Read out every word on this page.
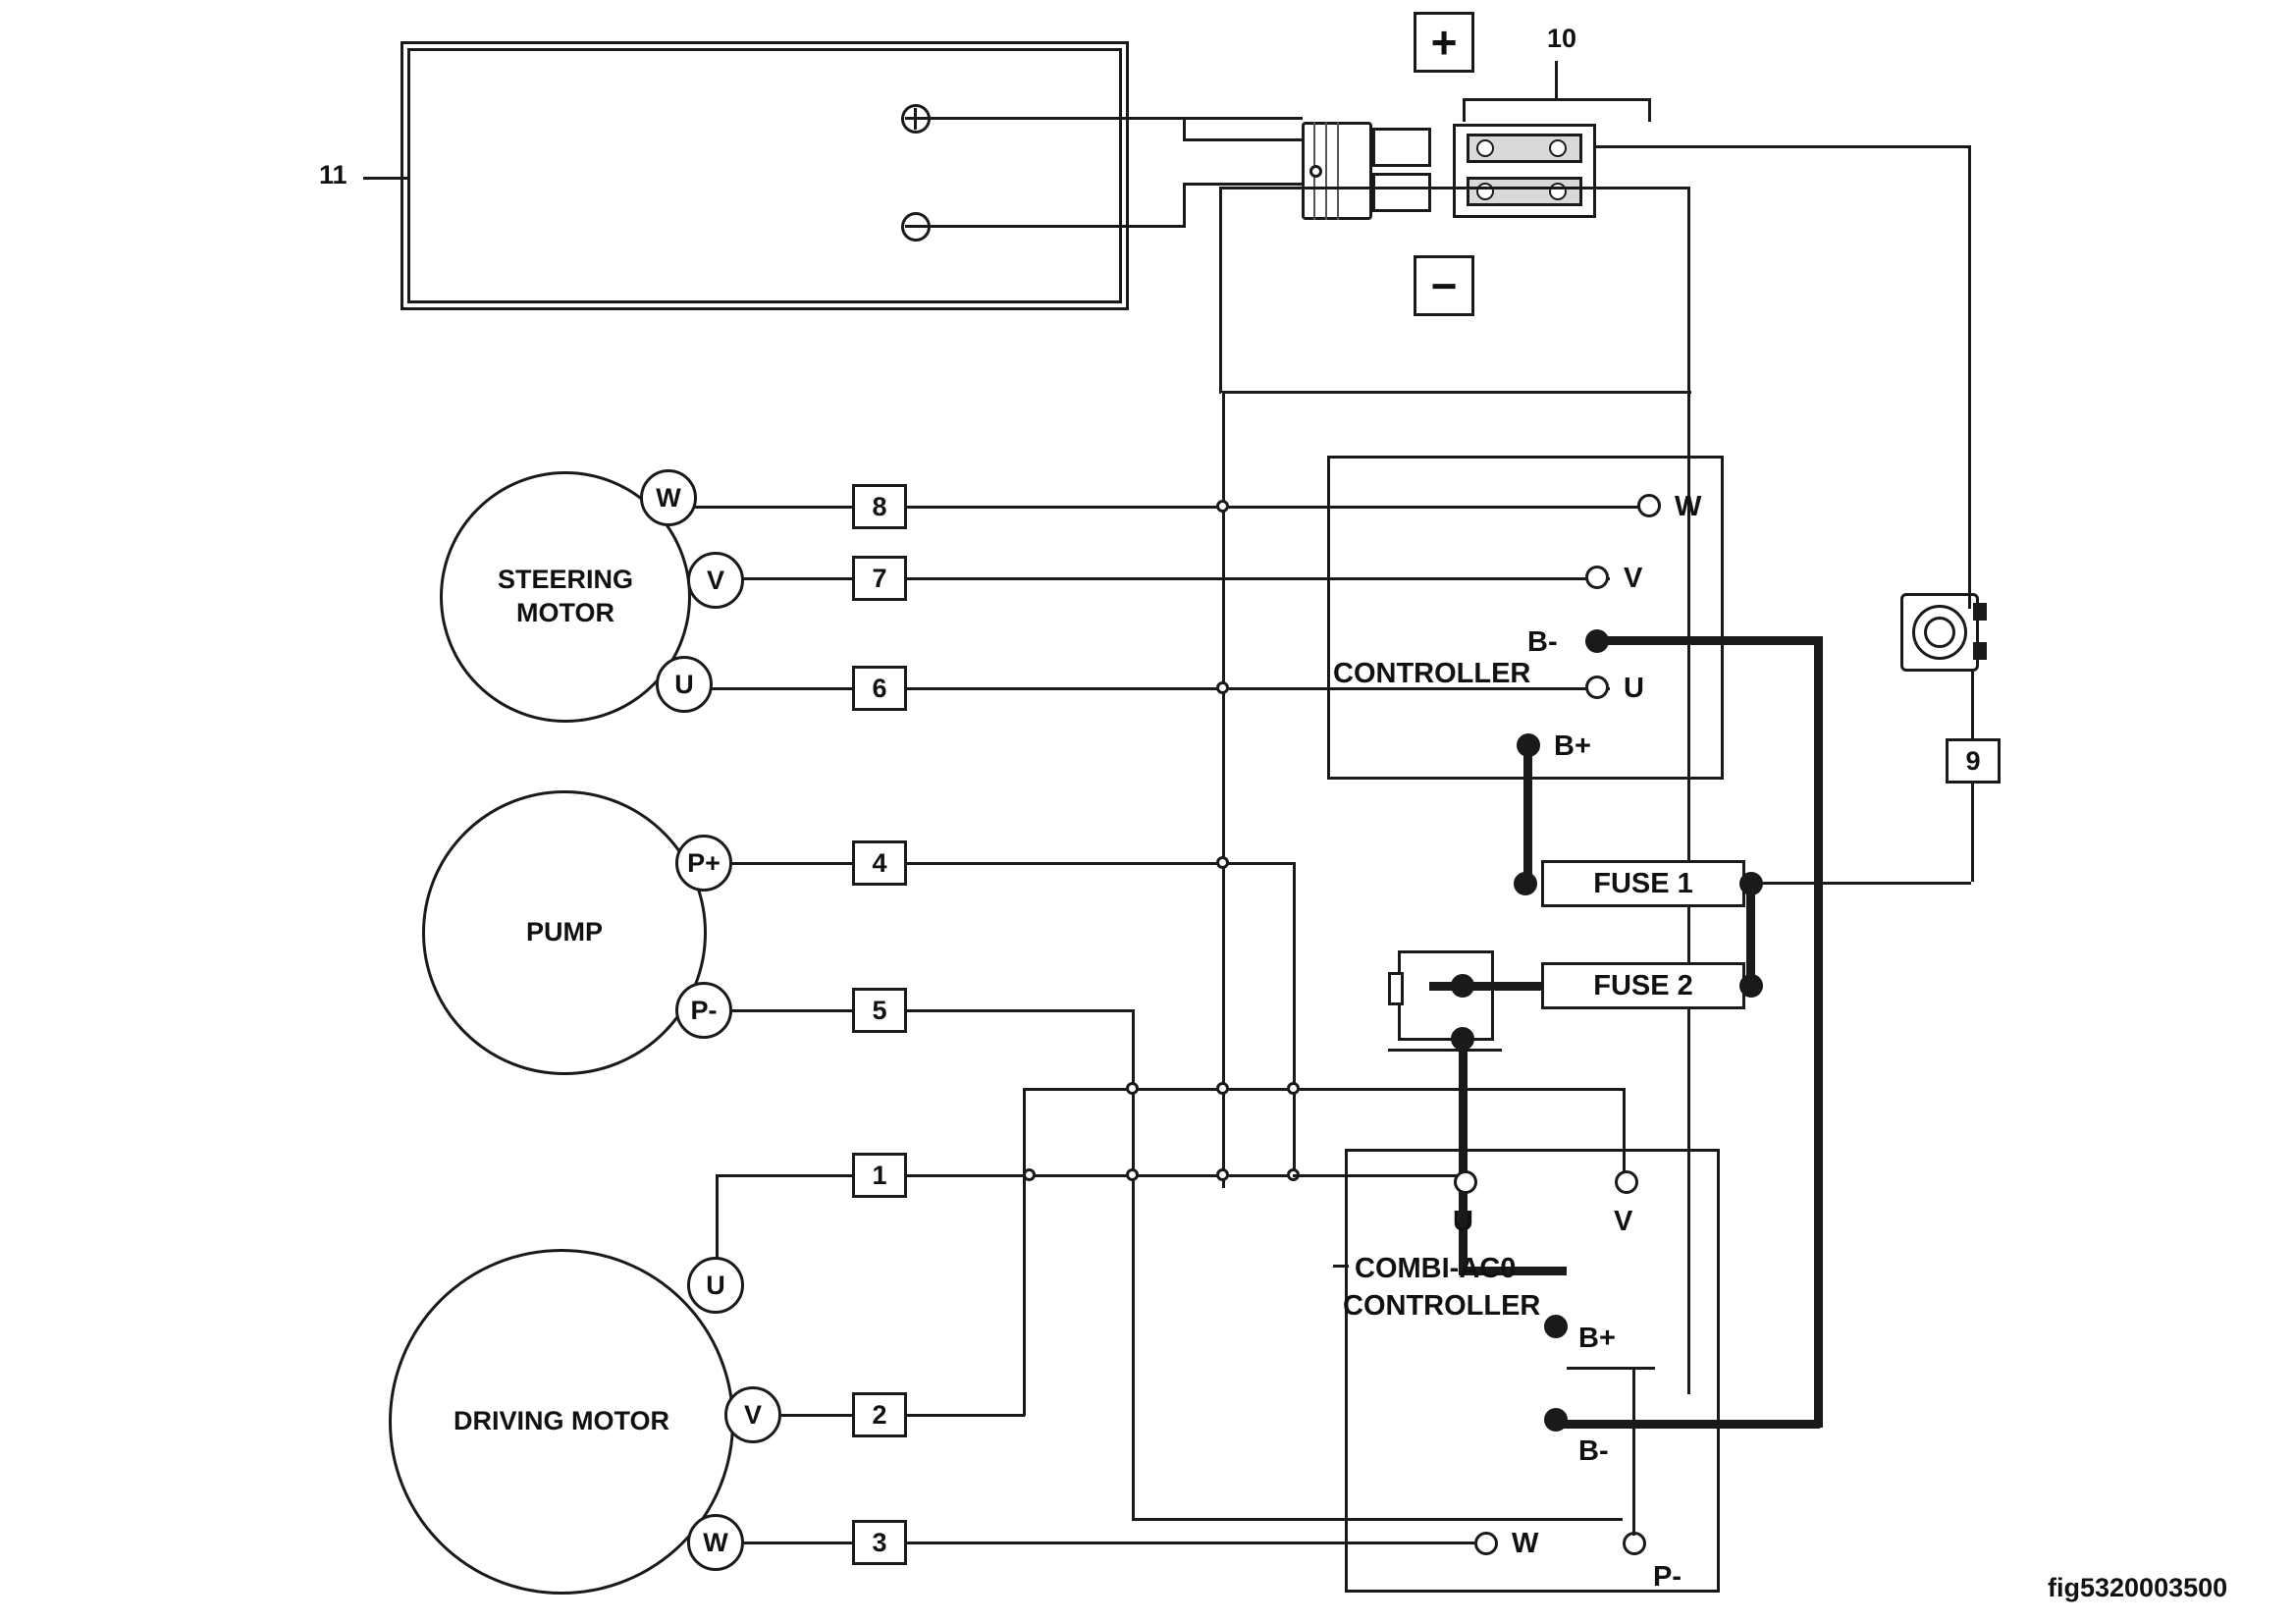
11
10
+
−
STEERING
MOTOR
W
V
U
8
7
6	CONTROLLER
W
V
B-
U
B+
FUSE 1
FUSE 2
9
PUMP
P+
P-
4
5
DRIVING MOTOR
U
V
W
1
2
3
COMBI-AC0
CONTROLLER
U	V
B+
B-
W
P-	fig5320003500
